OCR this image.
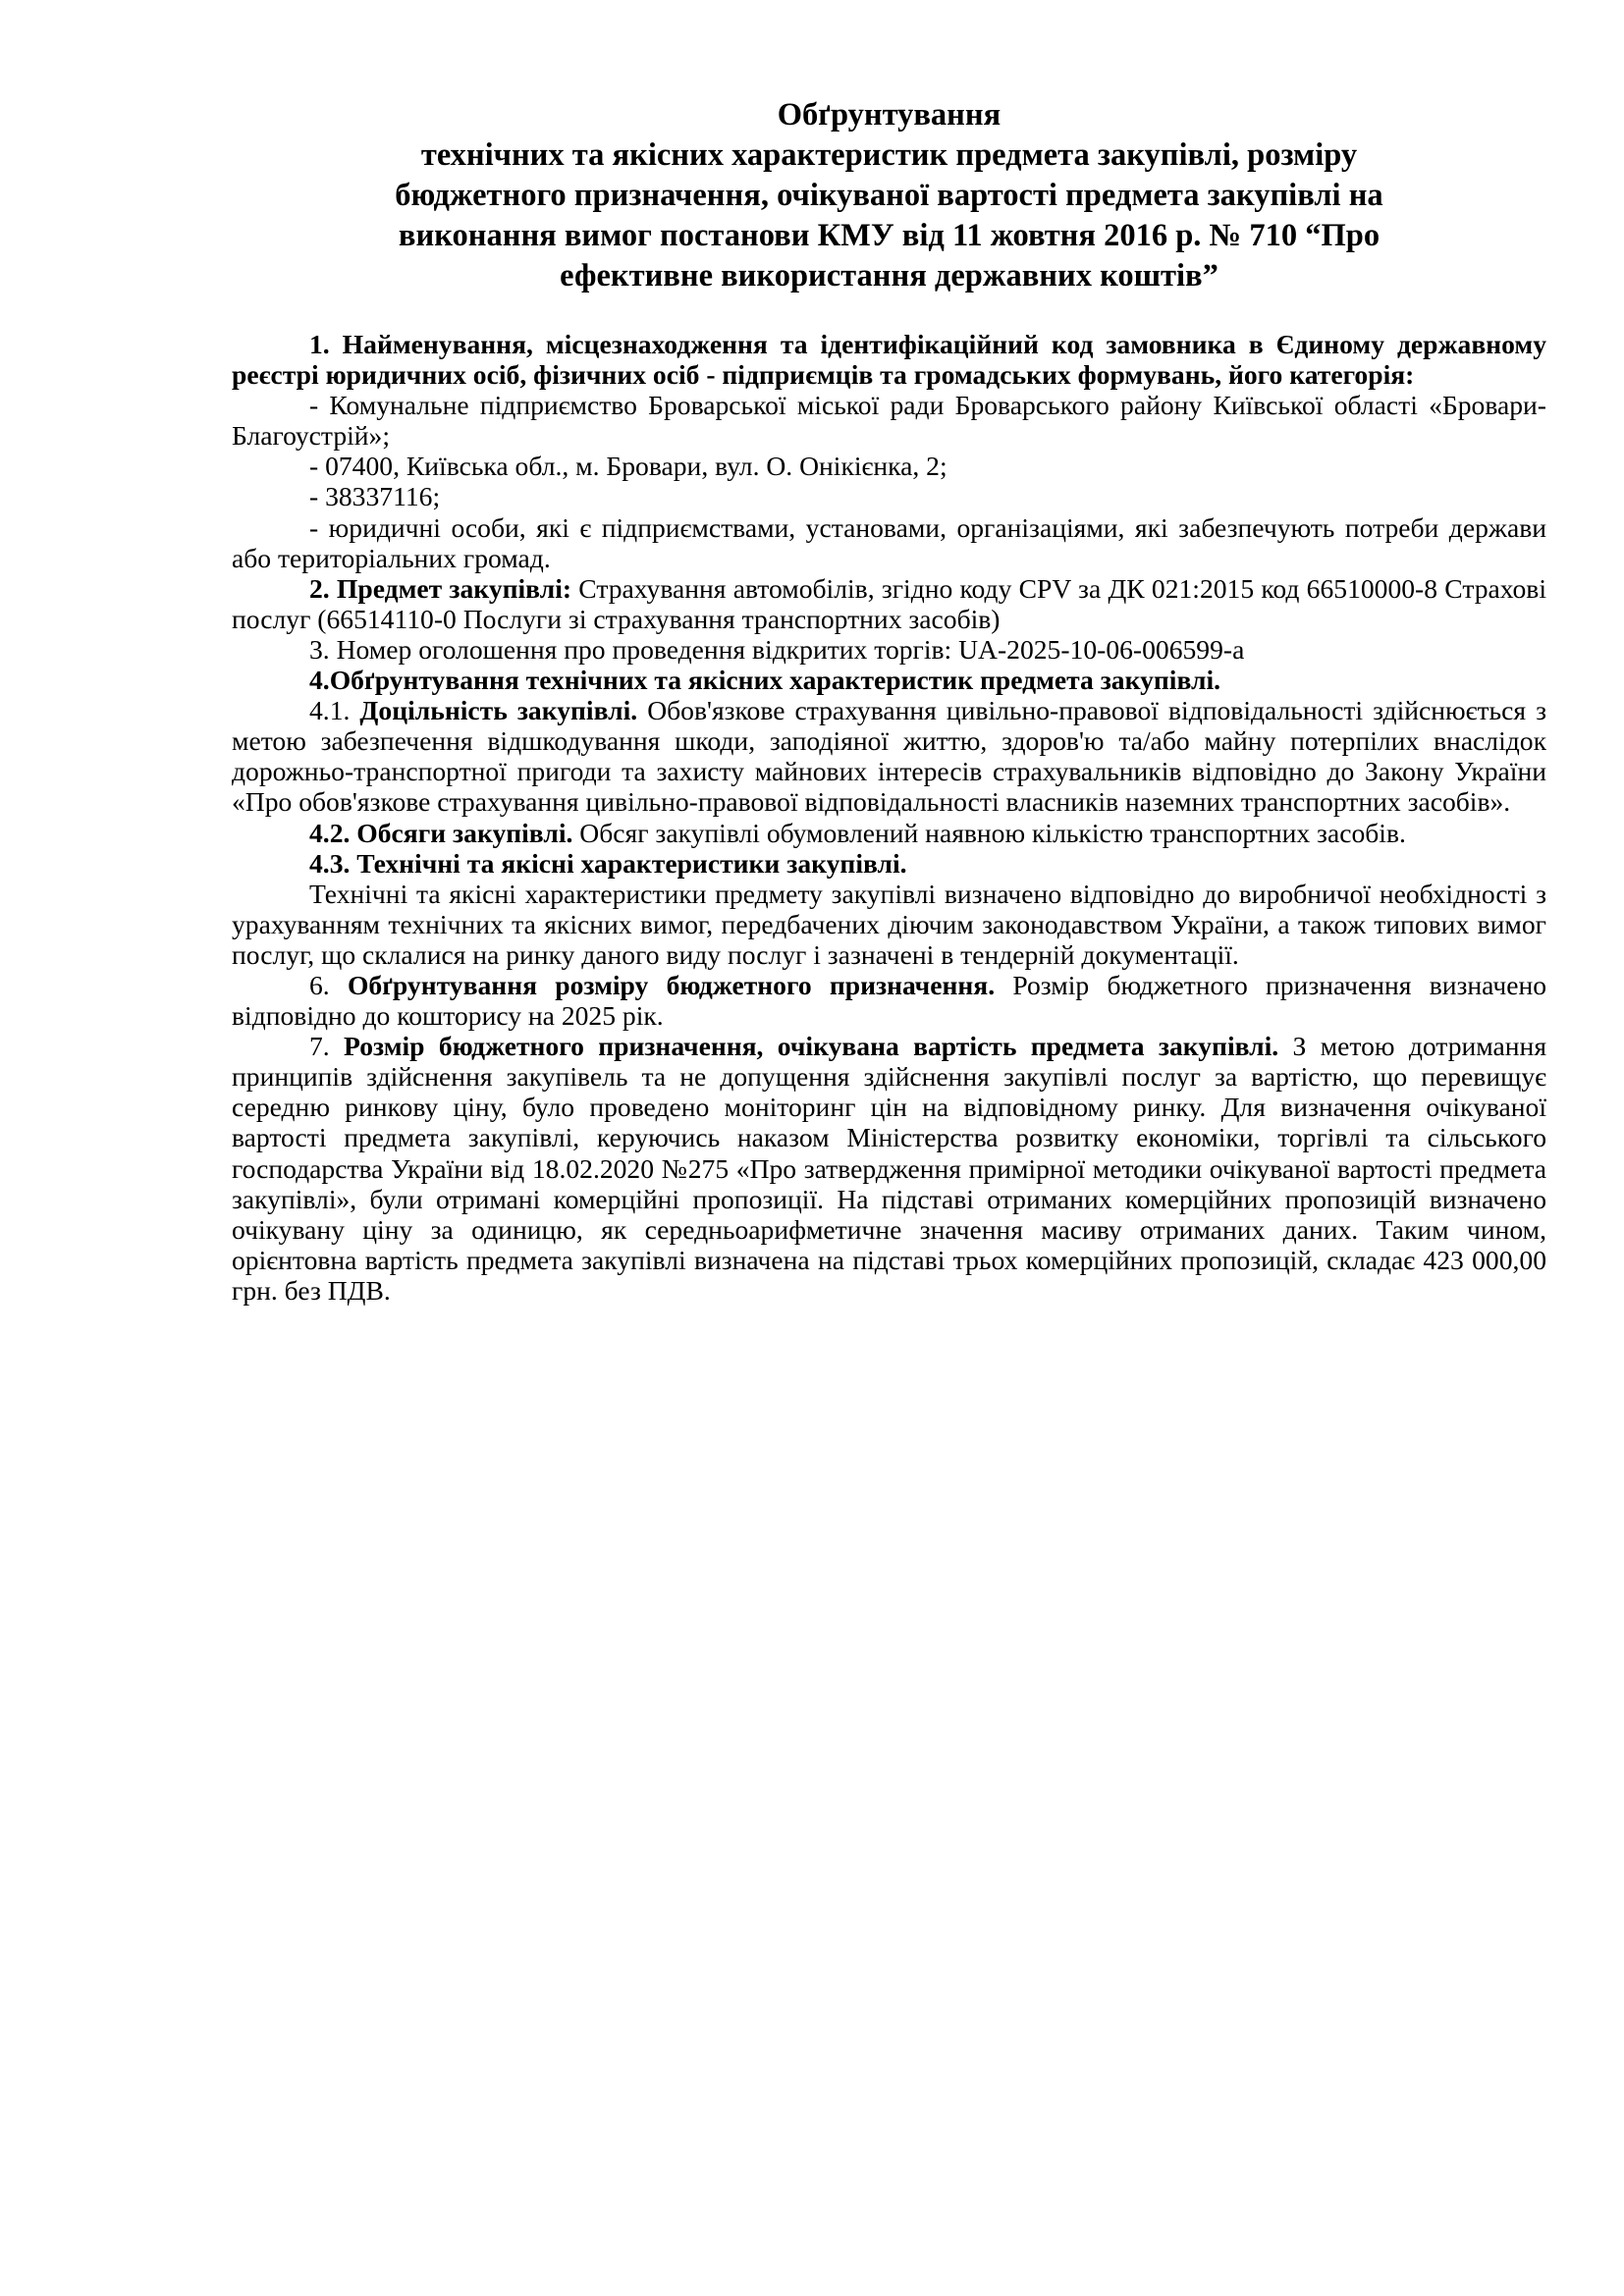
Обґрунтування
технічних та якісних характеристик предмета закупівлі, розміру
бюджетного призначення, очікуваної вартості предмета закупівлі на
виконання вимог постанови КМУ від 11 жовтня 2016 р. № 710 “Про
ефективне використання державних коштів”

1. Найменування, місцезнаходження та ідентифікаційний код замовника в Єдиному державному реєстрі юридичних осіб, фізичних осіб - підприємців та громадських формувань, його категорія:

- Комунальне підприємство Броварської міської ради Броварського району Київської області «Бровари-Благоустрій»;

- 07400, Київська обл., м. Бровари, вул. О. Онікієнка, 2;

- 38337116;

- юридичні особи, які є підприємствами, установами, організаціями, які забезпечують потреби держави або територіальних громад.

2. Предмет закупівлі: Страхування автомобілів, згідно коду CPV за ДК 021:2015 код 66510000-8 Страхові послуг (66514110-0 Послуги зі страхування транспортних засобів)

3. Номер оголошення про проведення відкритих торгів: UA-2025-10-06-006599-a

4.Обґрунтування технічних та якісних характеристик предмета закупівлі.

4.1. Доцільність закупівлі. Обов'язкове страхування цивільно-правової відповідальності здійснюється з метою забезпечення відшкодування шкоди, заподіяної життю, здоров'ю та/або майну потерпілих внаслідок дорожньо-транспортної пригоди та захисту майнових інтересів страхувальників відповідно до Закону України «Про обов'язкове страхування цивільно-правової відповідальності власників наземних транспортних засобів».

4.2. Обсяги закупівлі. Обсяг закупівлі обумовлений наявною кількістю транспортних засобів.

4.3. Технічні та якісні характеристики закупівлі.

Технічні та якісні характеристики предмету закупівлі визначено відповідно до виробничої необхідності з урахуванням технічних та якісних вимог, передбачених діючим законодавством України, а також типових вимог послуг, що склалися на ринку даного виду послуг і зазначені в тендерній документації.

6. Обґрунтування розміру бюджетного призначення. Розмір бюджетного призначення визначено відповідно до кошторису на 2025 рік.

7. Розмір бюджетного призначення, очікувана вартість предмета закупівлі. З метою дотримання принципів здійснення закупівель та не допущення здійснення закупівлі послуг за вартістю, що перевищує середню ринкову ціну, було проведено моніторинг цін на відповідному ринку. Для визначення очікуваної вартості предмета закупівлі, керуючись наказом Міністерства розвитку економіки, торгівлі та сільського господарства України від 18.02.2020 №275 «Про затвердження примірної методики очікуваної вартості предмета закупівлі», були отримані комерційні пропозиції. На підставі отриманих комерційних пропозицій визначено очікувану ціну за одиницю, як середньоарифметичне значення масиву отриманих даних. Таким чином, орієнтовна вартість предмета закупівлі визначена на підставі трьох комерційних пропозицій, складає 423 000,00 грн. без ПДВ.
